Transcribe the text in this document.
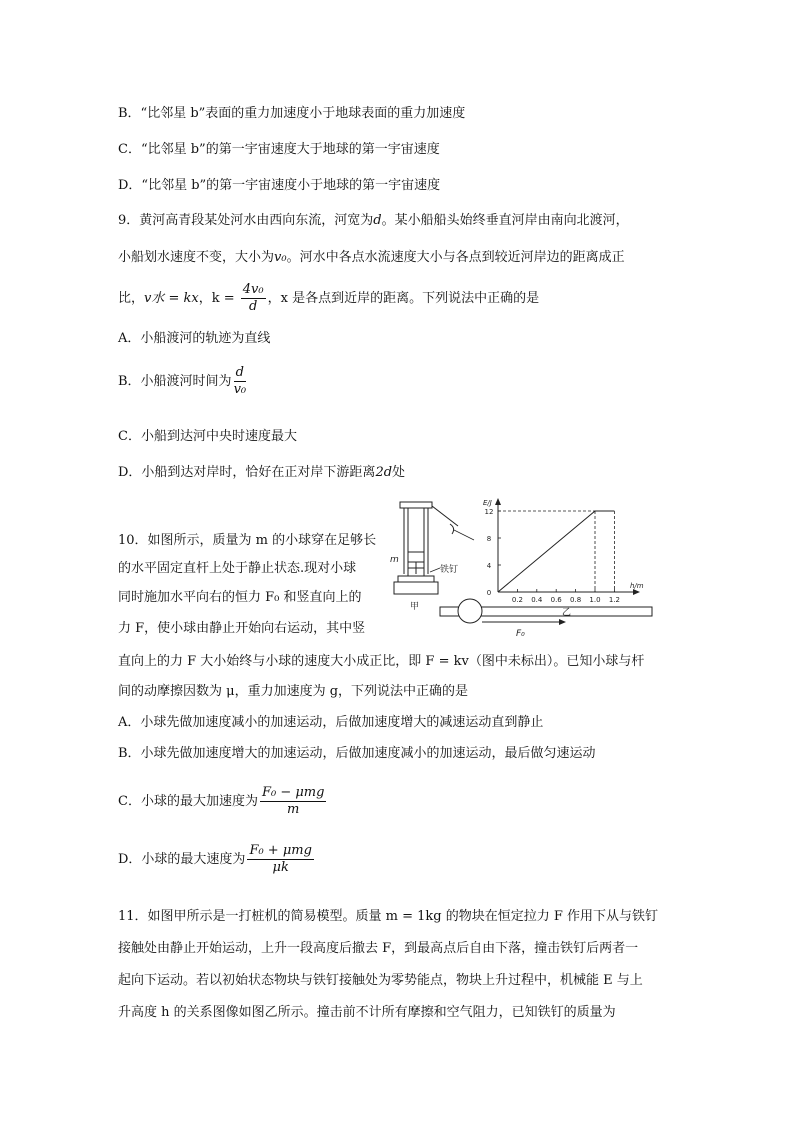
B．“比邻星 b”表面的重力加速度小于地球表面的重力加速度
C．“比邻星 b”的第一宇宙速度大于地球的第一宇宙速度
D．“比邻星 b”的第一宇宙速度小于地球的第一宇宙速度
9．黄河高青段某处河水由西向东流，河宽为d。某小船船头始终垂直河岸由南向北渡河，
小船划水速度不变，大小为v₀。河水中各点水流速度大小与各点到较近河岸边的距离成正
比，v水 = kx，$k = \frac{\text{4v₀}}{d}$ ，x 是各点到近岸的距离。下列说法中正确的是
A．小船渡河的轨迹为直线
B．小船渡河时间为 $\frac{d}{\text{v₀}}$
C．小船到达河中央时速度最大
D．小船到达对岸时，恰好在正对岸下游距离2d处
10．如图所示，质量为 m 的小球穿在足够长
的水平固定直杆上处于静止状态.现对小球
同时施加水平向右的恒力 F₀ 和竖直向上的
力 F，使小球由静止开始向右运动，其中竖
直向上的力 F 大小始终与小球的速度大小成正比，即 F = kv（图中未标出）。已知小球与杆
间的动摩擦因数为 μ，重力加速度为 g，下列说法中正确的是
A．小球先做加速度减小的加速运动，后做加速度增大的减速运动直到静止
B．小球先做加速度增大的加速运动，后做加速度减小的加速运动，最后做匀速运动
C．小球的最大加速度为 $\frac{\text{F₀ − μmg}}{m}$
D．小球的最大速度为 $\frac{\text{F₀ + μmg}}{\mu k}$
11．如图甲所示是一打桩机的简易模型。质量 m = 1kg 的物块在恒定拉力 F 作用下从与铁钉
接触处由静止开始运动，上升一段高度后撤去 F，到最高点后自由下落，撞击铁钉后两者一
起向下运动。若以初始状态物块与铁钉接触处为零势能点，物块上升过程中，机械能 E 与上
升高度 h 的关系图像如图乙所示。撞击前不计所有摩擦和空气阻力，已知铁钉的质量为
m
铁钉
甲
E/J
h/m
12
8
4
0
0.2 0.4 0.6 0.8 1.0 1.2
F₀
乙
